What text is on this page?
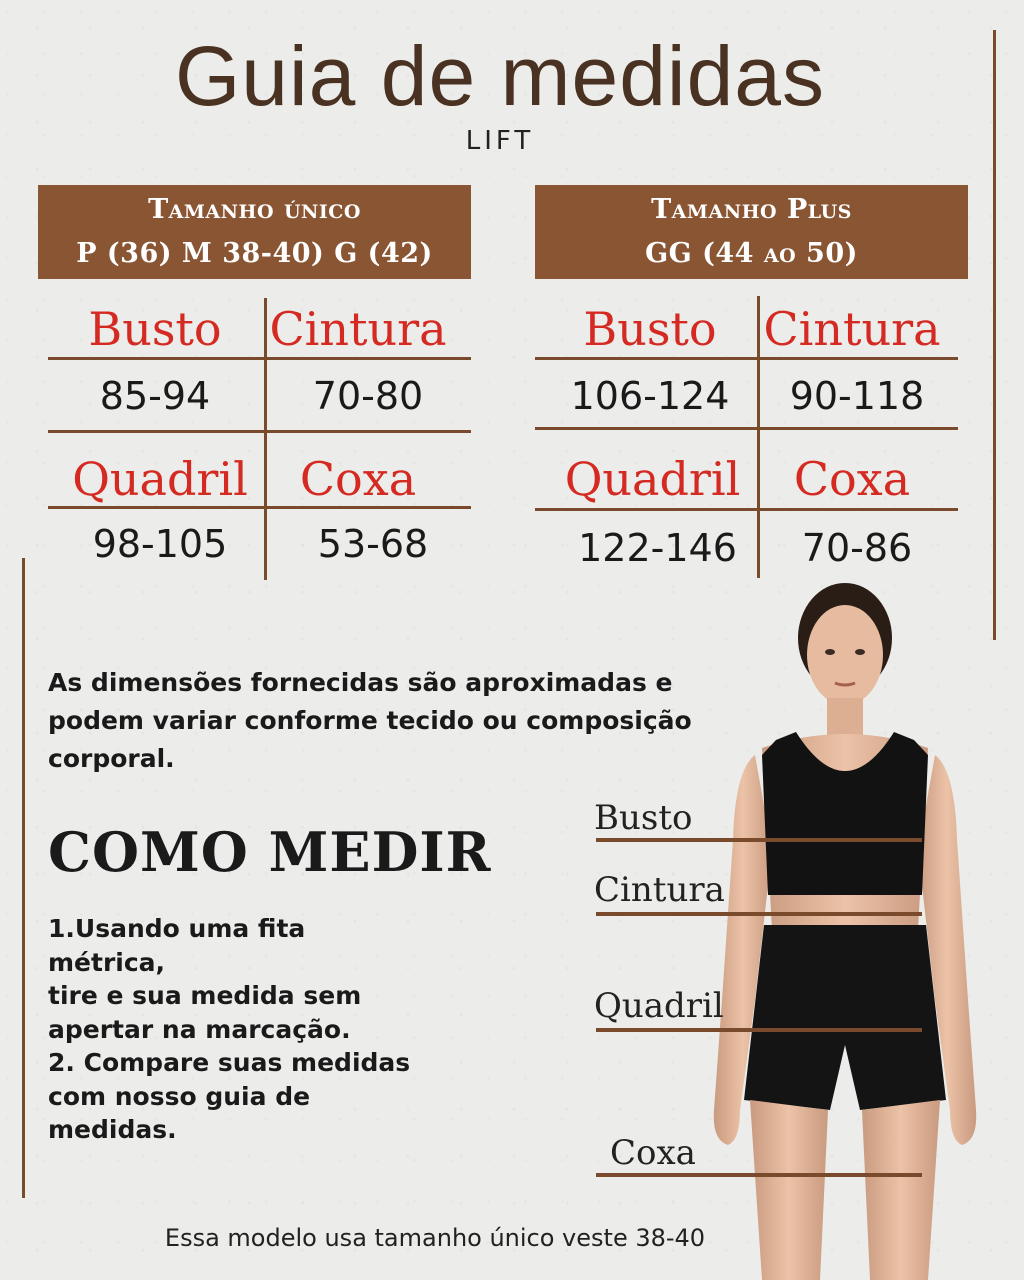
Guia de medidas
LIFT
Tamanho único
P (36) M 38-40) G (42)
Busto	Cintura
85-94	70-80
Quadril	Coxa
98-105	53-68
Tamanho Plus
GG (44 ao 50)
Busto	Cintura
106-124	90-118
Quadril	Coxa
122-146	70-86
As dimensões fornecidas são aproximadas e podem variar conforme tecido ou composição corporal.
COMO MEDIR
1.Usando uma fita
métrica,
tire e sua medida sem
apertar na marcação.
2. Compare suas medidas
com nosso guia de
medidas.
Busto
Cintura
Quadril
Coxa
Essa modelo usa tamanho único veste 38-40
